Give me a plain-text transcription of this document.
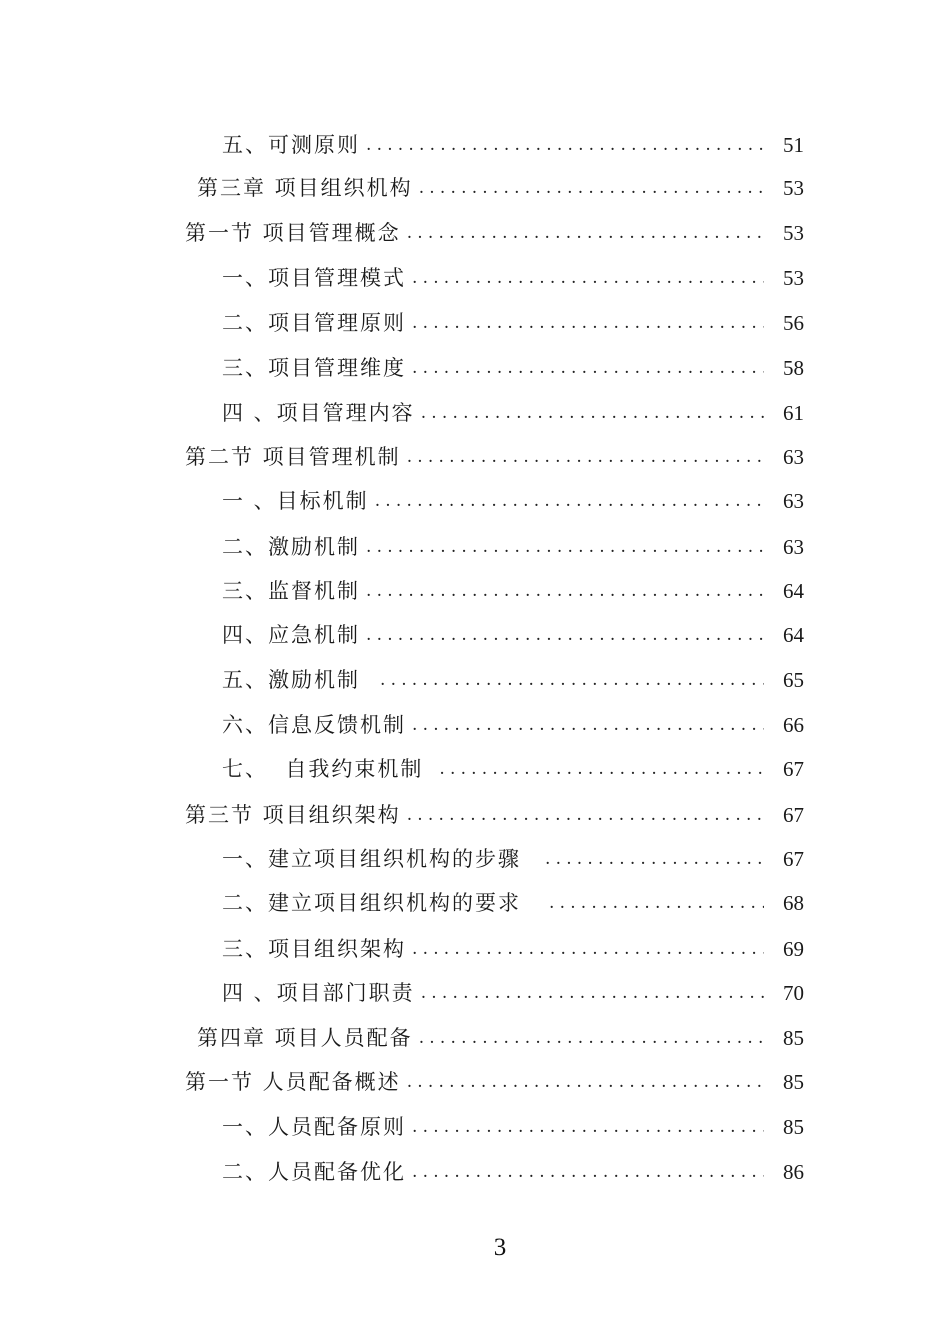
五、可测原则 .....	51
第三章 项目组织机构 .....	53
第一节 项目管理概念 .....	53
一、项目管理模式 .....	53
二、项目管理原则 .....	56
三、项目管理维度 .....	58
四 、项目管理内容 .....	61
第二节 项目管理机制 .....	63
一 、目标机制 .....	63
二、激励机制 .....	63
三、监督机制 .....	64
四、应急机制 .....	64
五、激励机制 .....	65
六、信息反馈机制 .....	66
七、  自我约束机制 .....	67
第三节 项目组织架构 .....	67
一、建立项目组织机构的步骤 .....	67
二、建立项目组织机构的要求 .....	68
三、项目组织架构 .....	69
四 、项目部门职责 .....	70
第四章 项目人员配备 .....	85
第一节 人员配备概述 .....	85
一、人员配备原则 .....	85
二、人员配备优化 .....	86
3
